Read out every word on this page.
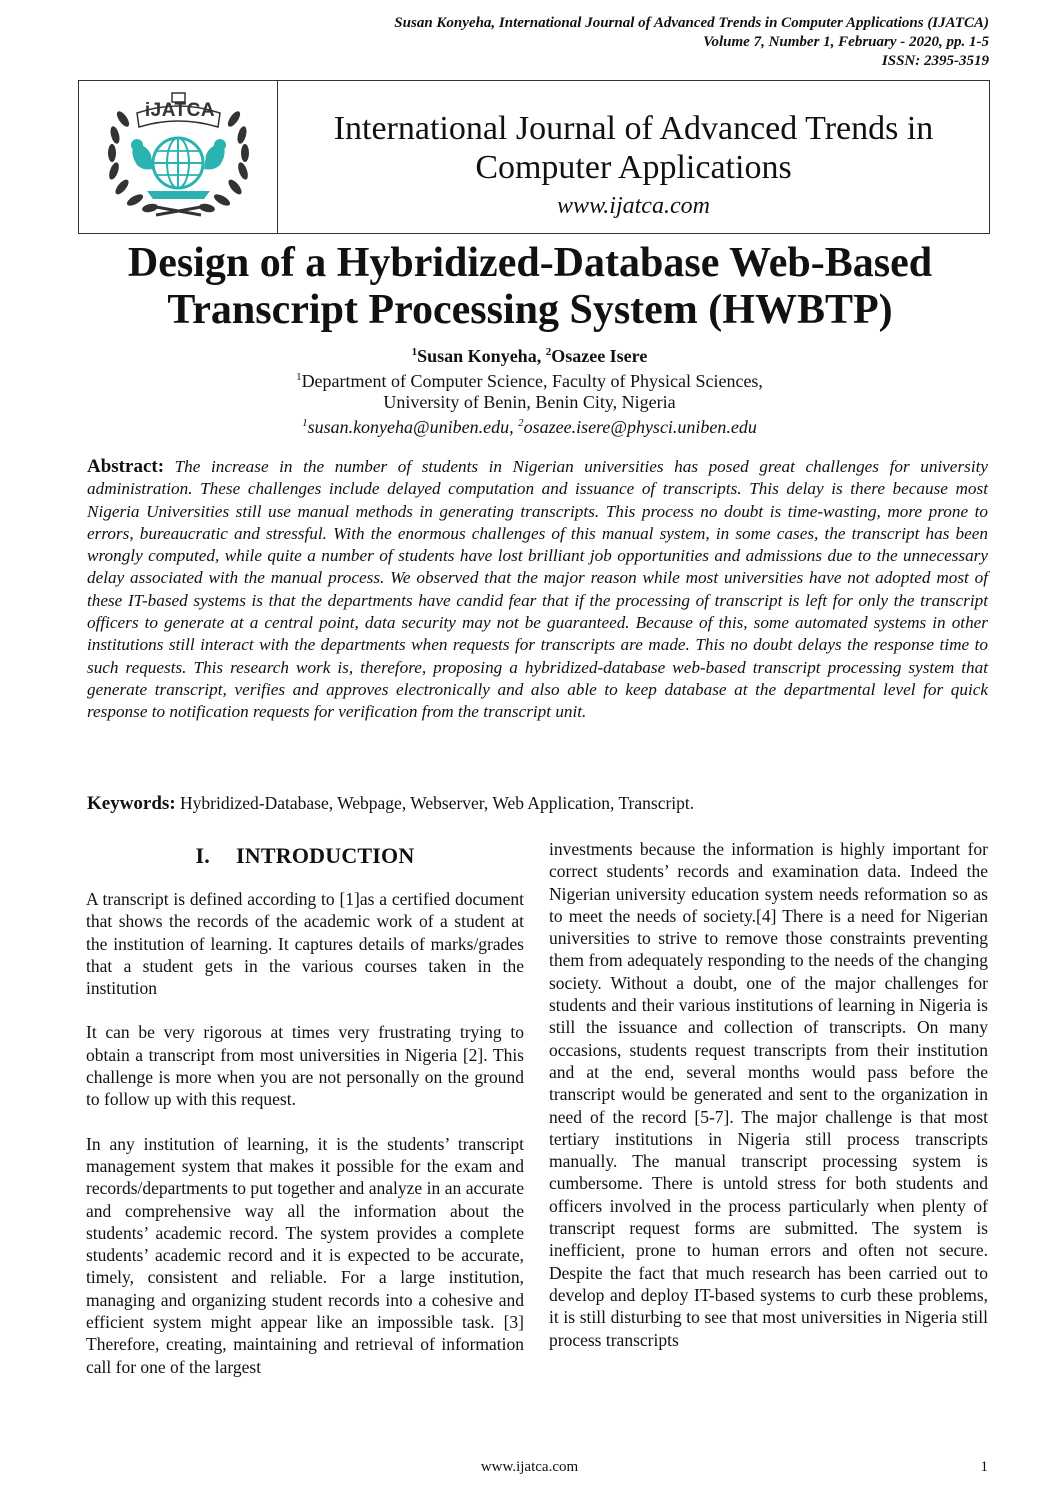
Susan Konyeha, International Journal of Advanced Trends in Computer Applications (IJATCA)
Volume 7, Number 1, February - 2020, pp. 1-5
ISSN: 2395-3519
iJATCA	International Journal of Advanced Trends in Computer Applications
www.ijatca.com
Design of a Hybridized-Database Web-Based
Transcript Processing System (HWBTP)
$^1$Susan Konyeha, $^2$Osazee Isere
$^1$Department of Computer Science, Faculty of Physical Sciences,
University of Benin, Benin City, Nigeria
$^1$susan.konyeha@uniben.edu, $^2$osazee.isere@physci.uniben.edu

Abstract: The increase in the number of students in Nigerian universities has posed great challenges for university administration. These challenges include delayed computation and issuance of transcripts. This delay is there because most Nigeria Universities still use manual methods in generating transcripts. This process no doubt is time-wasting, more prone to errors, bureaucratic and stressful. With the enormous challenges of this manual system, in some cases, the transcript has been wrongly computed, while quite a number of students have lost brilliant job opportunities and admissions due to the unnecessary delay associated with the manual process. We observed that the major reason while most universities have not adopted most of these IT-based systems is that the departments have candid fear that if the processing of transcript is left for only the transcript officers to generate at a central point, data security may not be guaranteed. Because of this, some automated systems in other institutions still interact with the departments when requests for transcripts are made. This no doubt delays the response time to such requests. This research work is, therefore, proposing a hybridized-database web-based transcript processing system that generate transcript, verifies and approves electronically and also able to keep database at the departmental level for quick response to notification requests for verification from the transcript unit.

Keywords: Hybridized-Database, Webpage, Webserver, Web Application, Transcript.

I. INTRODUCTION

A transcript is defined according to [1]as a certified document that shows the records of the academic work of a student at the institution of learning. It captures details of marks/grades that a student gets in the various courses taken in the institution

It can be very rigorous at times very frustrating trying to obtain a transcript from most universities in Nigeria [2]. This challenge is more when you are not personally on the ground to follow up with this request.

In any institution of learning, it is the students’ transcript management system that makes it possible for the exam and records/departments to put together and analyze in an accurate and comprehensive way all the information about the students’ academic record. The system provides a complete students’ academic record and it is expected to be accurate, timely, consistent and reliable. For a large institution, managing and organizing student records into a cohesive and efficient system might appear like an impossible task. [3] Therefore, creating, maintaining and retrieval of information call for one of the largest

investments because the information is highly important for correct students’ records and examination data. Indeed the Nigerian university education system needs reformation so as to meet the needs of society.[4] There is a need for Nigerian universities to strive to remove those constraints preventing them from adequately responding to the needs of the changing society. Without a doubt, one of the major challenges for students and their various institutions of learning in Nigeria is still the issuance and collection of transcripts. On many occasions, students request transcripts from their institution and at the end, several months would pass before the transcript would be generated and sent to the organization in need of the record [5-7]. The major challenge is that most tertiary institutions in Nigeria still process transcripts manually. The manual transcript processing system is cumbersome. There is untold stress for both students and officers involved in the process particularly when plenty of transcript request forms are submitted. The system is inefficient, prone to human errors and often not secure. Despite the fact that much research has been carried out to develop and deploy IT-based systems to curb these problems, it is still disturbing to see that most universities in Nigeria still process transcripts

www.ijatca.com	1
